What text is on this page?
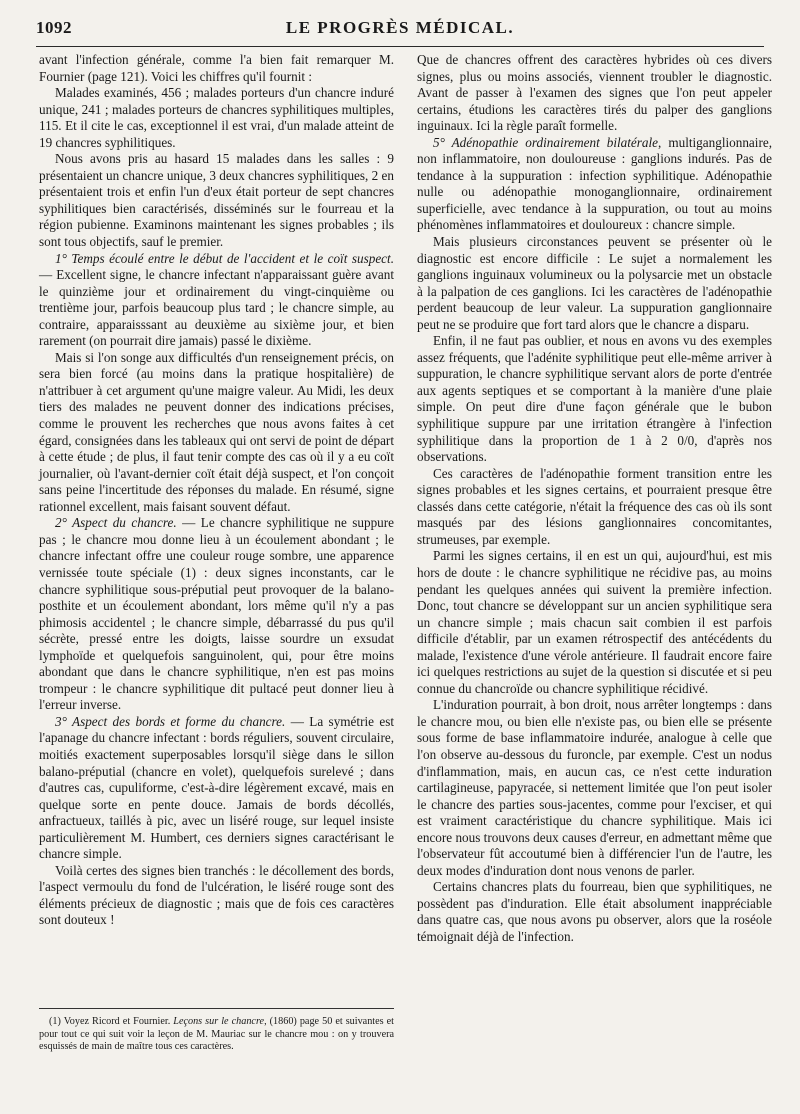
1092	LE PROGRÈS MÉDICAL.

avant l'infection générale, comme l'a bien fait remarquer M. Fournier (page 121). Voici les chiffres qu'il fournit :

Malades examinés, 456 ; malades porteurs d'un chancre induré unique, 241 ; malades porteurs de chancres syphilitiques multiples, 115. Et il cite le cas, exceptionnel il est vrai, d'un malade atteint de 19 chancres syphilitiques.

Nous avons pris au hasard 15 malades dans les salles : 9 présentaient un chancre unique, 3 deux chancres syphilitiques, 2 en présentaient trois et enfin l'un d'eux était porteur de sept chancres syphilitiques bien caractérisés, disséminés sur le fourreau et la région pubienne. Examinons maintenant les signes probables ; ils sont tous objectifs, sauf le premier.

1° Temps écoulé entre le début de l'accident et le coït suspect. — Excellent signe, le chancre infectant n'apparaissant guère avant le quinzième jour et ordinairement du vingt-cinquième ou trentième jour, parfois beaucoup plus tard ; le chancre simple, au contraire, apparaisssant au deuxième au sixième jour, et bien rarement (on pourrait dire jamais) passé le dixième.

Mais si l'on songe aux difficultés d'un renseignement précis, on sera bien forcé (au moins dans la pratique hospitalière) de n'attribuer à cet argument qu'une maigre valeur. Au Midi, les deux tiers des malades ne peuvent donner des indications précises, comme le prouvent les recherches que nous avons faites à cet égard, consignées dans les tableaux qui ont servi de point de départ à cette étude ; de plus, il faut tenir compte des cas où il y a eu coït journalier, où l'avant-dernier coït était déjà suspect, et l'on conçoit sans peine l'incertitude des réponses du malade. En résumé, signe rationnel excellent, mais faisant souvent défaut.

2° Aspect du chancre. — Le chancre syphilitique ne suppure pas ; le chancre mou donne lieu à un écoulement abondant ; le chancre infectant offre une couleur rouge sombre, une apparence vernissée toute spéciale (1) : deux signes inconstants, car le chancre syphilitique sous-préputial peut provoquer de la balano-posthite et un écoulement abondant, lors même qu'il n'y a pas phimosis accidentel ; le chancre simple, débarrassé du pus qu'il sécrète, pressé entre les doigts, laisse sourdre un exsudat lymphoïde et quelquefois sanguinolent, qui, pour être moins abondant que dans le chancre syphilitique, n'en est pas moins trompeur : le chancre syphilitique dit pultacé peut donner lieu à l'erreur inverse.

3° Aspect des bords et forme du chancre. — La symétrie est l'apanage du chancre infectant : bords réguliers, souvent circulaire, moitiés exactement superposables lorsqu'il siège dans le sillon balano-préputial (chancre en volet), quelquefois surelevé ; dans d'autres cas, cupuliforme, c'est-à-dire légèrement excavé, mais en quelque sorte en pente douce. Jamais de bords décollés, anfractueux, taillés à pic, avec un liséré rouge, sur lequel insiste particulièrement M. Humbert, ces derniers signes caractérisant le chancre simple.

Voilà certes des signes bien tranchés : le décollement des bords, l'aspect vermoulu du fond de l'ulcération, le liséré rouge sont des éléments précieux de diagnostic ; mais que de fois ces caractères sont douteux !

(1) Voyez Ricord et Fournier. Leçons sur le chancre, (1860) page 50 et suivantes et pour tout ce qui suit voir la leçon de M. Mauriac sur le chancre mou : on y trouvera esquissés de main de maître tous ces caractères.

Que de chancres offrent des caractères hybrides où ces divers signes, plus ou moins associés, viennent troubler le diagnostic. Avant de passer à l'examen des signes que l'on peut appeler certains, étudions les caractères tirés du palper des ganglions inguinaux. Ici la règle paraît formelle.

5° Adénopathie ordinairement bilatérale, multiganglionnaire, non inflammatoire, non douloureuse : ganglions indurés. Pas de tendance à la suppuration : infection syphilitique. Adénopathie nulle ou adénopathie monoganglionnaire, ordinairement superficielle, avec tendance à la suppuration, ou tout au moins phénomènes inflammatoires et douloureux : chancre simple.

Mais plusieurs circonstances peuvent se présenter où le diagnostic est encore difficile : Le sujet a normalement les ganglions inguinaux volumineux ou la polysarcie met un obstacle à la palpation de ces ganglions. Ici les caractères de l'adénopathie perdent beaucoup de leur valeur. La suppuration ganglionnaire peut ne se produire que fort tard alors que le chancre a disparu.

Enfin, il ne faut pas oublier, et nous en avons vu des exemples assez fréquents, que l'adénite syphilitique peut elle-même arriver à suppuration, le chancre syphilitique servant alors de porte d'entrée aux agents septiques et se comportant à la manière d'une plaie simple. On peut dire d'une façon générale que le bubon syphilitique suppure par une irritation étrangère à l'infection syphilitique dans la proportion de 1 à 2 0/0, d'après nos observations.

Ces caractères de l'adénopathie forment transition entre les signes probables et les signes certains, et pourraient presque être classés dans cette catégorie, n'était la fréquence des cas où ils sont masqués par des lésions ganglionnaires concomitantes, strumeuses, par exemple.

Parmi les signes certains, il en est un qui, aujourd'hui, est mis hors de doute : le chancre syphilitique ne récidive pas, au moins pendant les quelques années qui suivent la première infection. Donc, tout chancre se développant sur un ancien syphilitique sera un chancre simple ; mais chacun sait combien il est parfois difficile d'établir, par un examen rétrospectif des antécédents du malade, l'existence d'une vérole antérieure. Il faudrait encore faire ici quelques restrictions au sujet de la question si discutée et si peu connue du chancroïde ou chancre syphilitique récidivé.

L'induration pourrait, à bon droit, nous arrêter longtemps : dans le chancre mou, ou bien elle n'existe pas, ou bien elle se présente sous forme de base inflammatoire indurée, analogue à celle que l'on observe au-dessous du furoncle, par exemple. C'est un nodus d'inflammation, mais, en aucun cas, ce n'est cette induration cartilagineuse, papyracée, si nettement limitée que l'on peut isoler le chancre des parties sous-jacentes, comme pour l'exciser, et qui est vraiment caractéristique du chancre syphilitique. Mais ici encore nous trouvons deux causes d'erreur, en admettant même que l'observateur fût accoutumé bien à différencier l'un de l'autre, les deux modes d'induration dont nous venons de parler.

Certains chancres plats du fourreau, bien que syphilitiques, ne possèdent pas d'induration. Elle était absolument inappréciable dans quatre cas, que nous avons pu observer, alors que la roséole témoignait déjà de l'infection.
